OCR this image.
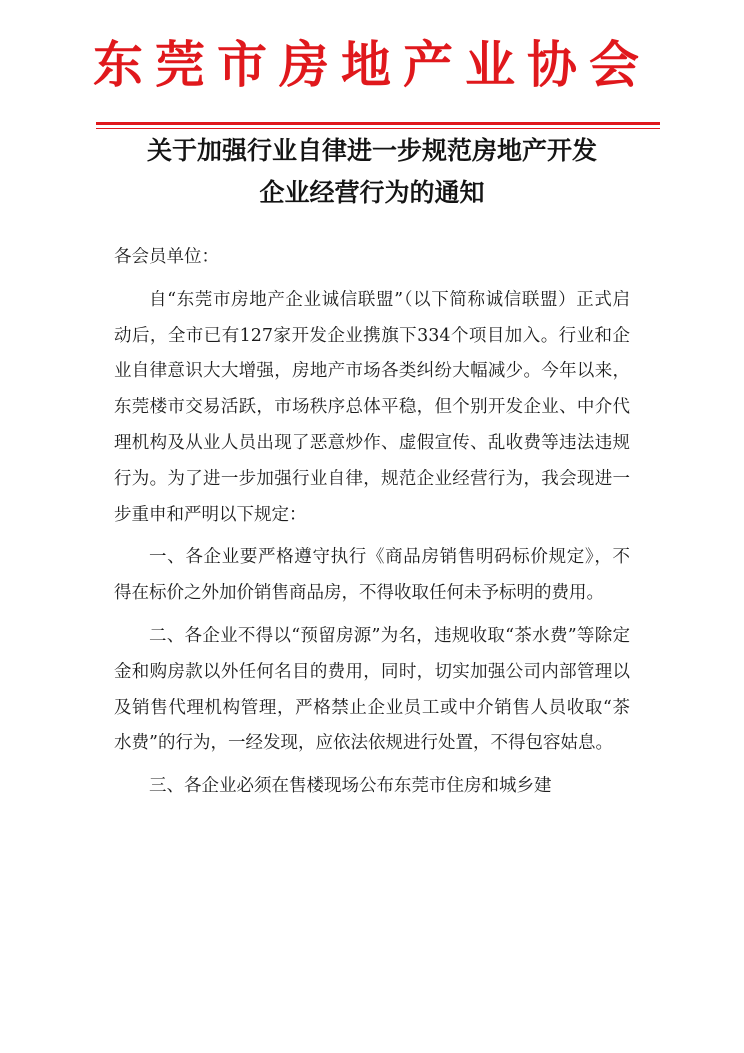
东莞市房地产业协会
关于加强行业自律进一步规范房地产开发
企业经营行为的通知

各会员单位：

自“东莞市房地产企业诚信联盟”（以下简称诚信联盟）正式启动后，全市已有127家开发企业携旗下334个项目加入。行业和企业自律意识大大增强，房地产市场各类纠纷大幅减少。今年以来，东莞楼市交易活跃，市场秩序总体平稳，但个别开发企业、中介代理机构及从业人员出现了恶意炒作、虚假宣传、乱收费等违法违规行为。为了进一步加强行业自律，规范企业经营行为，我会现进一步重申和严明以下规定：

一、各企业要严格遵守执行《商品房销售明码标价规定》，不得在标价之外加价销售商品房，不得收取任何未予标明的费用。

二、各企业不得以“预留房源”为名，违规收取“茶水费”等除定金和购房款以外任何名目的费用，同时，切实加强公司内部管理以及销售代理机构管理，严格禁止企业员工或中介销售人员收取“茶水费”的行为，一经发现，应依法依规进行处置，不得包容姑息。

三、各企业必须在售楼现场公布东莞市住房和城乡建
